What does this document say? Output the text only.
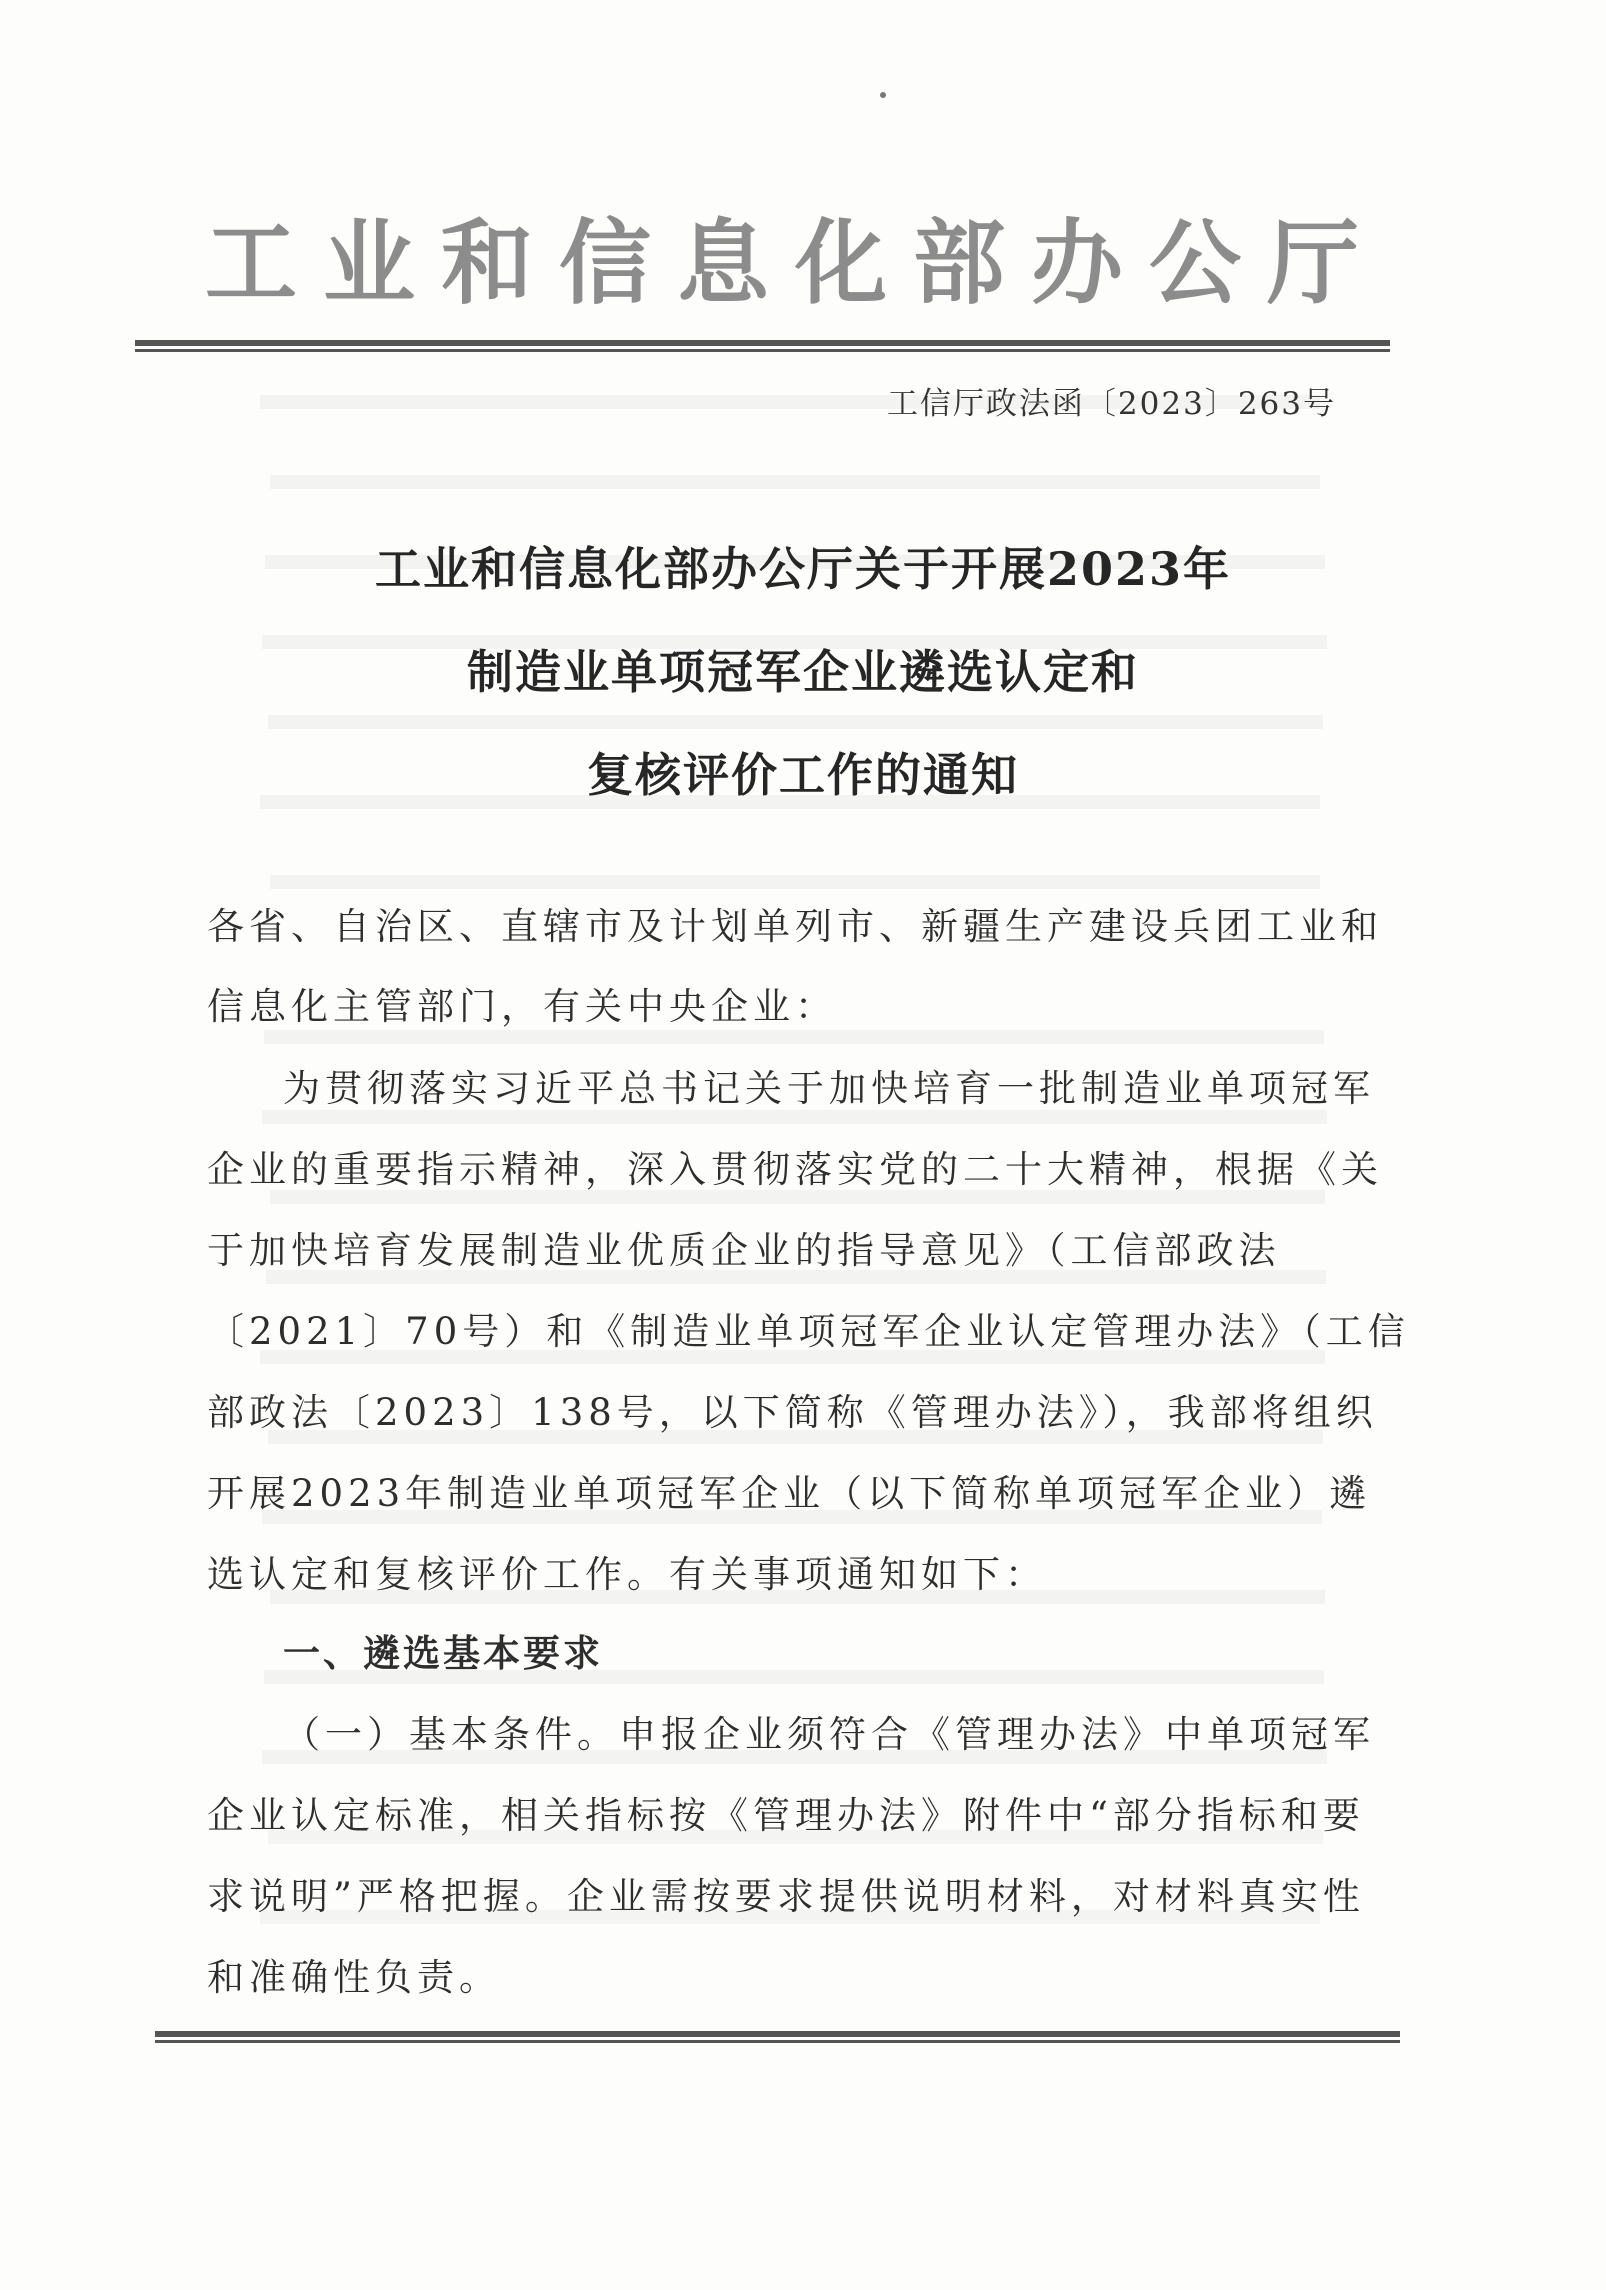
工业和信息化部办公厅
工信厅政法函〔2023〕263号
工业和信息化部办公厅关于开展2023年
制造业单项冠军企业遴选认定和
复核评价工作的通知
各省、自治区、直辖市及计划单列市、新疆生产建设兵团工业和
信息化主管部门，有关中央企业：
为贯彻落实习近平总书记关于加快培育一批制造业单项冠军
企业的重要指示精神，深入贯彻落实党的二十大精神，根据《关
于加快培育发展制造业优质企业的指导意见》（工信部政法
〔2021〕70号）和《制造业单项冠军企业认定管理办法》（工信
部政法〔2023〕138号，以下简称《管理办法》），我部将组织
开展2023年制造业单项冠军企业（以下简称单项冠军企业）遴
选认定和复核评价工作。有关事项通知如下：
一、遴选基本要求
（一）基本条件。申报企业须符合《管理办法》中单项冠军
企业认定标准，相关指标按《管理办法》附件中“部分指标和要
求说明”严格把握。企业需按要求提供说明材料，对材料真实性
和准确性负责。
